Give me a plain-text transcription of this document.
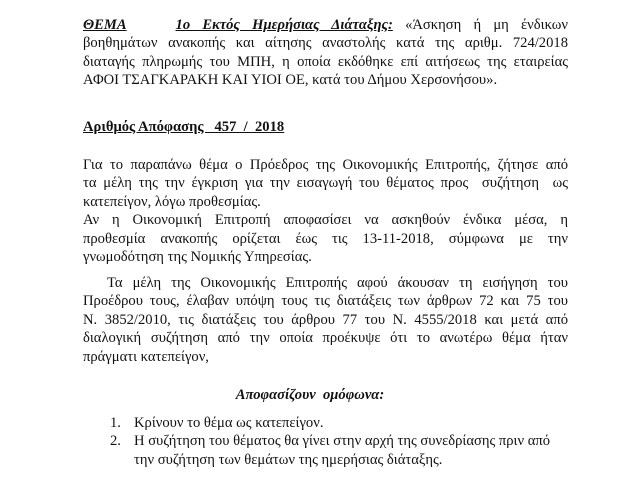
ΘΕΜΑ	1ο Εκτός Ημερήσιας Διάταξης: «Άσκηση ή μη ένδικων
βοηθημάτων ανακοπής και αίτησης αναστολής κατά της αριθμ. 724/2018
διαταγής πληρωμής του ΜΠΗ, η οποία εκδόθηκε επί αιτήσεως της εταιρείας
ΑΦΟΙ ΤΣΑΓΚΑΡΑΚΗ ΚΑΙ ΥΙΟΙ ΟΕ, κατά του Δήμου Χερσονήσου».
Αριθμός Απόφασης   457  /  2018
Για το παραπάνω θέμα ο Πρόεδρος της Οικονομικής Επιτροπής, ζήτησε από
τα μέλη της την έγκριση για την εισαγωγή του θέματος προς  συζήτηση  ως
κατεπείγον, λόγω προθεσμίας.
Αν η Οικονομική Επιτροπή αποφασίσει να ασκηθούν ένδικα μέσα, η
προθεσμία ανακοπής ορίζεται έως τις 13-11-2018, σύμφωνα με την
γνωμοδότηση της Νομικής Υπηρεσίας.
Τα μέλη της Οικονομικής Επιτροπής αφού άκουσαν τη εισήγηση του
Προέδρου τους, έλαβαν υπόψη τους τις διατάξεις των άρθρων 72 και 75 του
Ν. 3852/2010, τις διατάξεις του άρθρου 77 του Ν. 4555/2018 και μετά από
διαλογική συζήτηση από την οποία προέκυψε ότι το ανωτέρω θέμα ήταν
πράγματι κατεπείγον,
Αποφασίζουν  ομόφωνα:
1. Κρίνουν το θέμα ως κατεπείγον.
2. Η συζήτηση του θέματος θα γίνει στην αρχή της συνεδρίασης πριν από
την συζήτηση των θεμάτων της ημερήσιας διάταξης.
